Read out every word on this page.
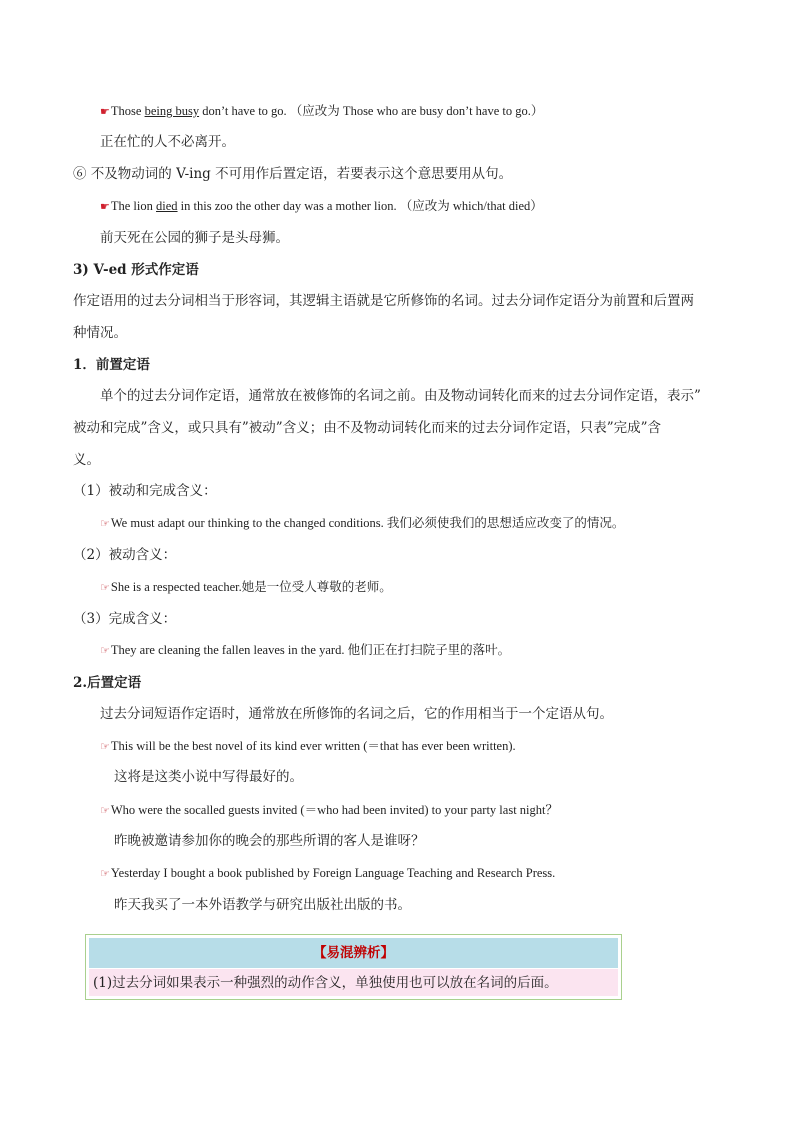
☛Those being busy don’t have to go. （应改为 Those who are busy don’t have to go.）
正在忙的人不必离开。
⑥ 不及物动词的 V-ing 不可用作后置定语，若要表示这个意思要用从句。
☛The lion died in this zoo the other day was a mother lion. （应改为 which/that died）
前天死在公园的狮子是头母狮。
3) V-ed 形式作定语
作定语用的过去分词相当于形容词，其逻辑主语就是它所修饰的名词。过去分词作定语分为前置和后置两
种情况。
1．前置定语
单个的过去分词作定语，通常放在被修饰的名词之前。由及物动词转化而来的过去分词作定语，表示”
被动和完成”含义，或只具有”被动”含义；由不及物动词转化而来的过去分词作定语，只表”完成”含
义。
（1）被动和完成含义：
☞We must adapt our thinking to the changed conditions. 我们必须使我们的思想适应改变了的情况。
（2）被动含义：
☞She is a respected teacher.她是一位受人尊敬的老师。
（3）完成含义：
☞They are cleaning the fallen leaves in the yard. 他们正在打扫院子里的落叶。
2.后置定语
过去分词短语作定语时，通常放在所修饰的名词之后，它的作用相当于一个定语从句。
☞This will be the best novel of its kind ever written (＝that has ever been written).
这将是这类小说中写得最好的。
☞Who were the socalled guests invited (＝who had been invited) to your party last night？
昨晚被邀请参加你的晚会的那些所谓的客人是谁呀？
☞Yesterday I bought a book published by Foreign Language Teaching and Research Press.
昨天我买了一本外语教学与研究出版社出版的书。
【易混辨析】
(1)过去分词如果表示一种强烈的动作含义，单独使用也可以放在名词的后面。
